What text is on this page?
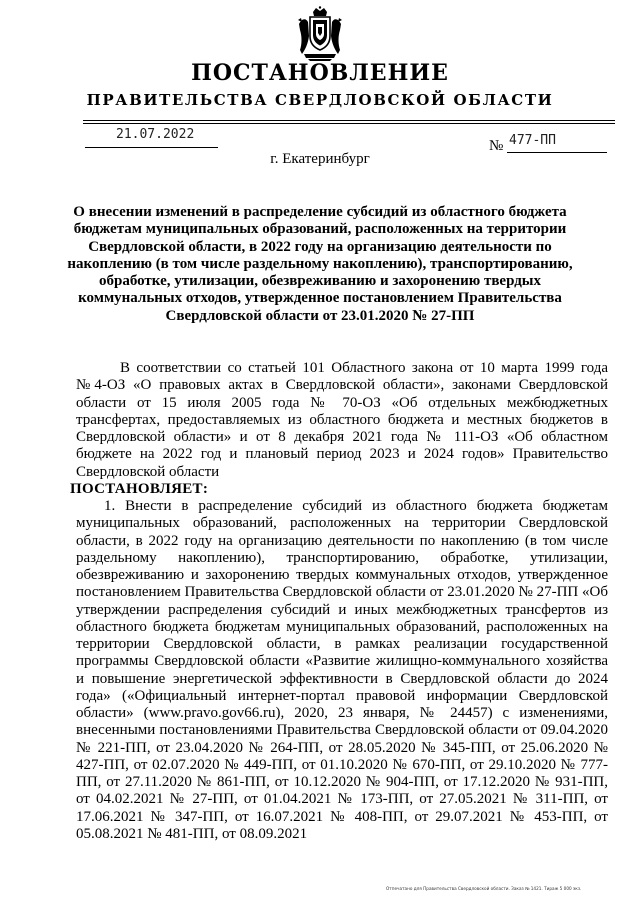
ПОСТАНОВЛЕНИЕ
ПРАВИТЕЛЬСТВА СВЕРДЛОВСКОЙ ОБЛАСТИ
21.07.2022
№ 477-ПП
г. Екатеринбург
О внесении изменений в распределение субсидий из областного бюджета бюджетам муниципальных образований, расположенных на территории Свердловской области, в 2022 году на организацию деятельности по накоплению (в том числе раздельному накоплению), транспортированию, обработке, утилизации, обезвреживанию и захоронению твердых коммунальных отходов, утвержденное постановлением Правительства Свердловской области от 23.01.2020 № 27-ПП

В соответствии со статьей 101 Областного закона от 10 марта 1999 года №4-ОЗ «О правовых актах в Свердловской области», законами Свердловской области от 15 июля 2005 года № 70-ОЗ «Об отдельных межбюджетных трансфертах, предоставляемых из областного бюджета и местных бюджетов в Свердловской области» и от 8 декабря 2021 года № 111-ОЗ «Об областном бюджете на 2022 год и плановый период 2023 и 2024 годов» Правительство Свердловской области

ПОСТАНОВЛЯЕТ:

1. Внести в распределение субсидий из областного бюджета бюджетам муниципальных образований, расположенных на территории Свердловской области, в 2022 году на организацию деятельности по накоплению (в том числе раздельному накоплению), транспортированию, обработке, утилизации, обезвреживанию и захоронению твердых коммунальных отходов, утвержденное постановлением Правительства Свердловской области от 23.01.2020 № 27-ПП «Об утверждении распределения субсидий и иных межбюджетных трансфертов из областного бюджета бюджетам муниципальных образований, расположенных на территории Свердловской области, в рамках реализации государственной программы Свердловской области «Развитие жилищно-коммунального хозяйства и повышение энергетической эффективности в Свердловской области до 2024 года» («Официальный интернет-портал правовой информации Свердловской области» (www.pravo.gov66.ru), 2020, 23 января, № 24457) с изменениями, внесенными постановлениями Правительства Свердловской области от 09.04.2020 № 221-ПП, от 23.04.2020 № 264-ПП, от 28.05.2020 № 345-ПП, от 25.06.2020 № 427-ПП, от 02.07.2020 № 449-ПП, от 01.10.2020 № 670-ПП, от 29.10.2020 № 777-ПП, от 27.11.2020 № 861-ПП, от 10.12.2020 № 904-ПП, от 17.12.2020 № 931-ПП, от 04.02.2021 № 27-ПП, от 01.04.2021 № 173-ПП, от 27.05.2021 № 311-ПП, от 17.06.2021 № 347-ПП, от 16.07.2021 № 408-ПП, от 29.07.2021 № 453-ПП, от 05.08.2021 № 481-ПП, от 08.09.2021

Отпечатано для Правительства Свердловской области. Заказ № 1421. Тираж 5 000 экз.
